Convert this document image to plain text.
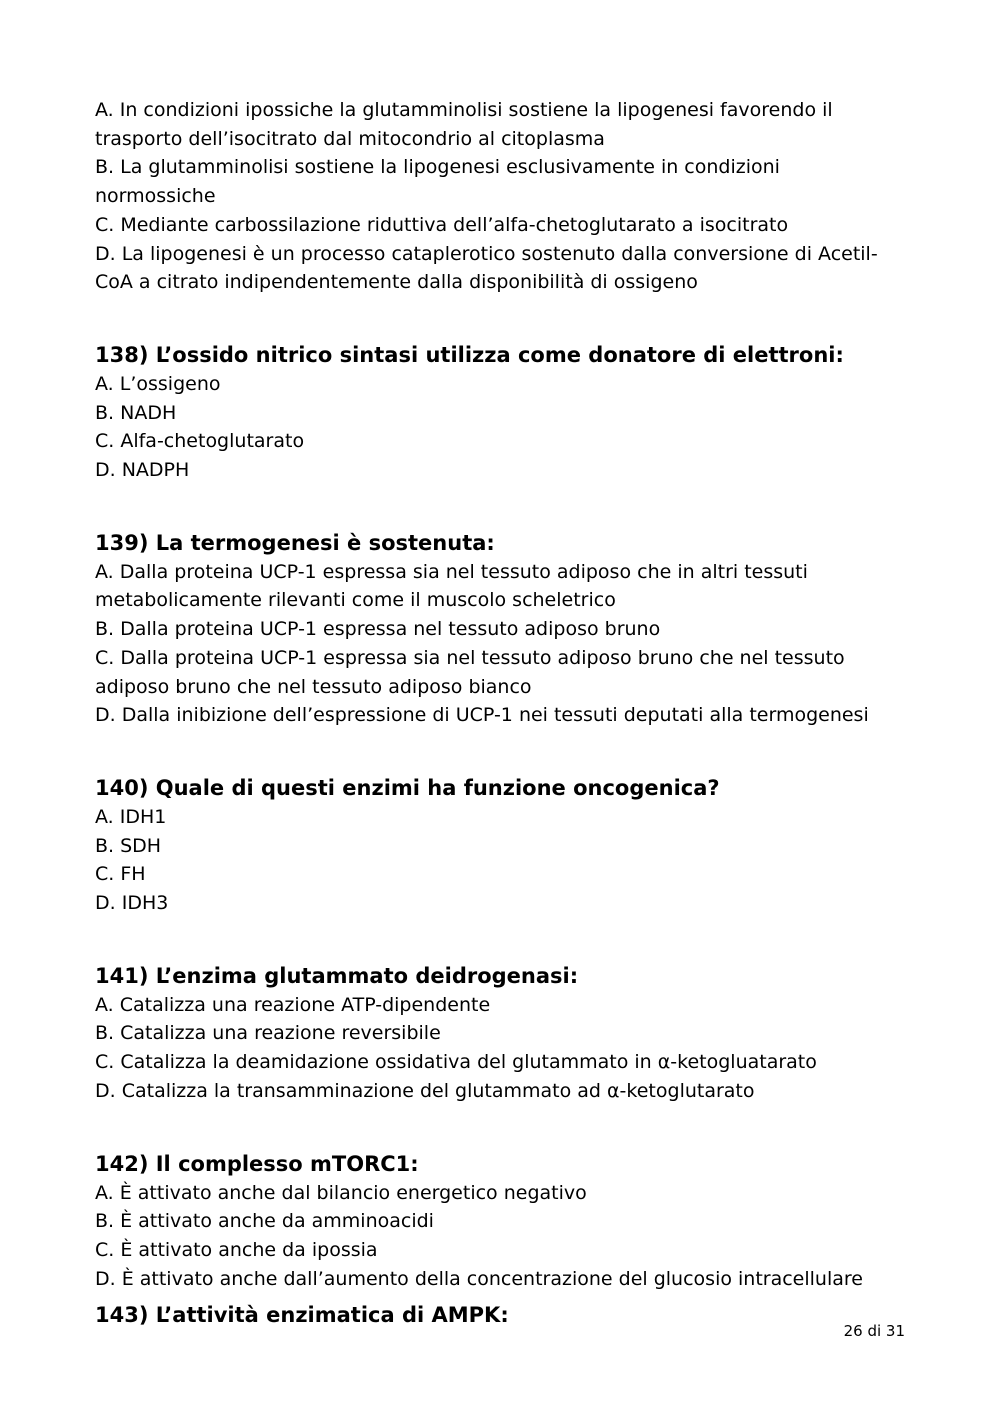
A. In condizioni ipossiche la glutamminolisi sostiene la lipogenesi favorendo il
trasporto dell’isocitrato dal mitocondrio al citoplasma
B. La glutamminolisi sostiene la lipogenesi esclusivamente in condizioni
normossiche
C. Mediante carbossilazione riduttiva dell’alfa-chetoglutarato a isocitrato
D. La lipogenesi è un processo cataplerotico sostenuto dalla conversione di Acetil-
CoA a citrato indipendentemente dalla disponibilità di ossigeno
138) L’ossido nitrico sintasi utilizza come donatore di elettroni:
A. L’ossigeno
B. NADH
C. Alfa-chetoglutarato
D. NADPH
139) La termogenesi è sostenuta:
A. Dalla proteina UCP-1 espressa sia nel tessuto adiposo che in altri tessuti
metabolicamente rilevanti come il muscolo scheletrico
B. Dalla proteina UCP-1 espressa nel tessuto adiposo bruno
C. Dalla proteina UCP-1 espressa sia nel tessuto adiposo bruno che nel tessuto
adiposo bruno che nel tessuto adiposo bianco
D. Dalla inibizione dell’espressione di UCP-1 nei tessuti deputati alla termogenesi
140) Quale di questi enzimi ha funzione oncogenica?
A. IDH1
B. SDH
C. FH
D. IDH3
141) L’enzima glutammato deidrogenasi:
A. Catalizza una reazione ATP-dipendente
B. Catalizza una reazione reversibile
C. Catalizza la deamidazione ossidativa del glutammato in α-ketogluatarato
D. Catalizza la transamminazione del glutammato ad α-ketoglutarato
142) Il complesso mTORC1:
A. È attivato anche dal bilancio energetico negativo
B. È attivato anche da amminoacidi
C. È attivato anche da ipossia
D. È attivato anche dall’aumento della concentrazione del glucosio intracellulare
143) L’attività enzimatica di AMPK:
26 di 31
